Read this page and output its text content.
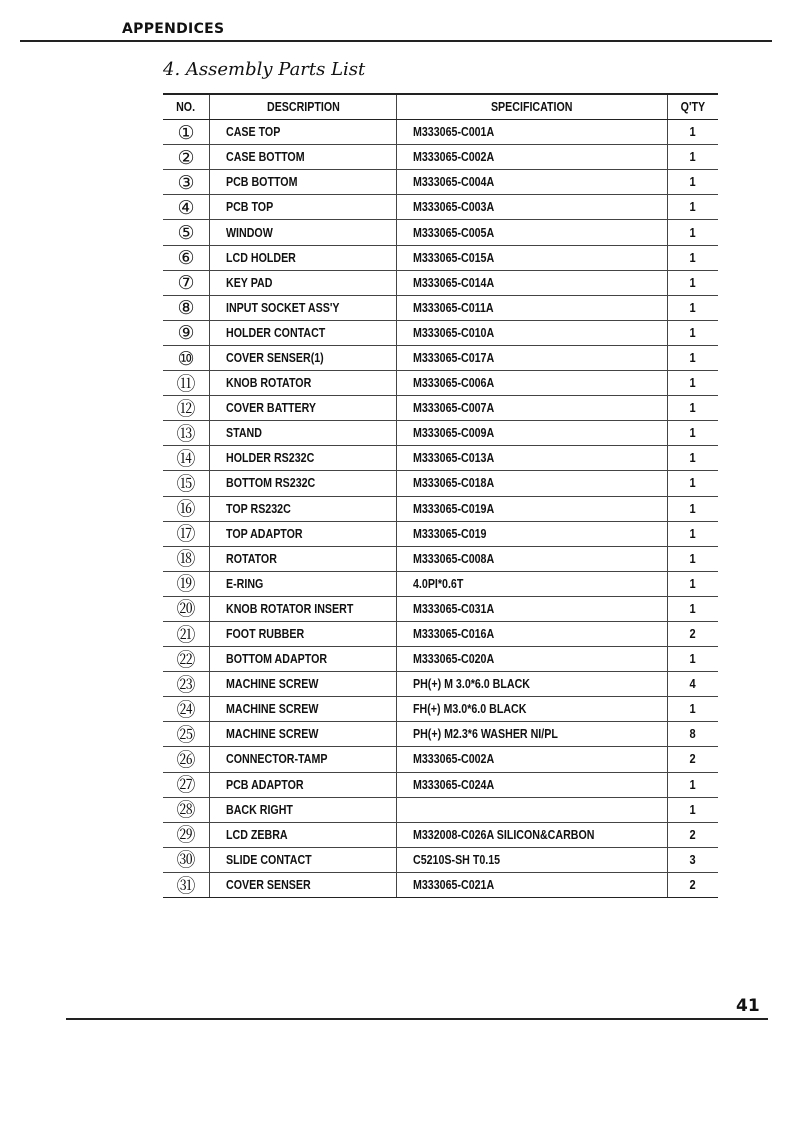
APPENDICES
4. Assembly Parts List
NO.	DESCRIPTION	SPECIFICATION	Q'TY
①	CASE TOP	M333065-C001A	1
②	CASE BOTTOM	M333065-C002A	1
③	PCB BOTTOM	M333065-C004A	1
④	PCB TOP	M333065-C003A	1
⑤	WINDOW	M333065-C005A	1
⑥	LCD HOLDER	M333065-C015A	1
⑦	KEY PAD	M333065-C014A	1
⑧	INPUT SOCKET ASS'Y	M333065-C011A	1
⑨	HOLDER CONTACT	M333065-C010A	1
⑩	COVER SENSER(1)	M333065-C017A	1
⑪	KNOB ROTATOR	M333065-C006A	1
⑫	COVER BATTERY	M333065-C007A	1
⑬	STAND	M333065-C009A	1
⑭	HOLDER RS232C	M333065-C013A	1
⑮	BOTTOM RS232C	M333065-C018A	1
⑯	TOP RS232C	M333065-C019A	1
⑰	TOP ADAPTOR	M333065-C019	1
⑱	ROTATOR	M333065-C008A	1
⑲	E-RING	4.0PI*0.6T	1
⑳	KNOB ROTATOR INSERT	M333065-C031A	1
㉑	FOOT RUBBER	M333065-C016A	2
㉒	BOTTOM ADAPTOR	M333065-C020A	1
㉓	MACHINE SCREW	PH(+) M 3.0*6.0 BLACK	4
㉔	MACHINE SCREW	FH(+) M3.0*6.0 BLACK	1
㉕	MACHINE SCREW	PH(+) M2.3*6 WASHER NI/PL	8
㉖	CONNECTOR-TAMP	M333065-C002A	2
㉗	PCB ADAPTOR	M333065-C024A	1
㉘	BACK RIGHT		1
㉙	LCD ZEBRA	M332008-C026A SILICON&CARBON	2
㉚	SLIDE CONTACT	C5210S-SH T0.15	3
㉛	COVER SENSER	M333065-C021A	2
41
